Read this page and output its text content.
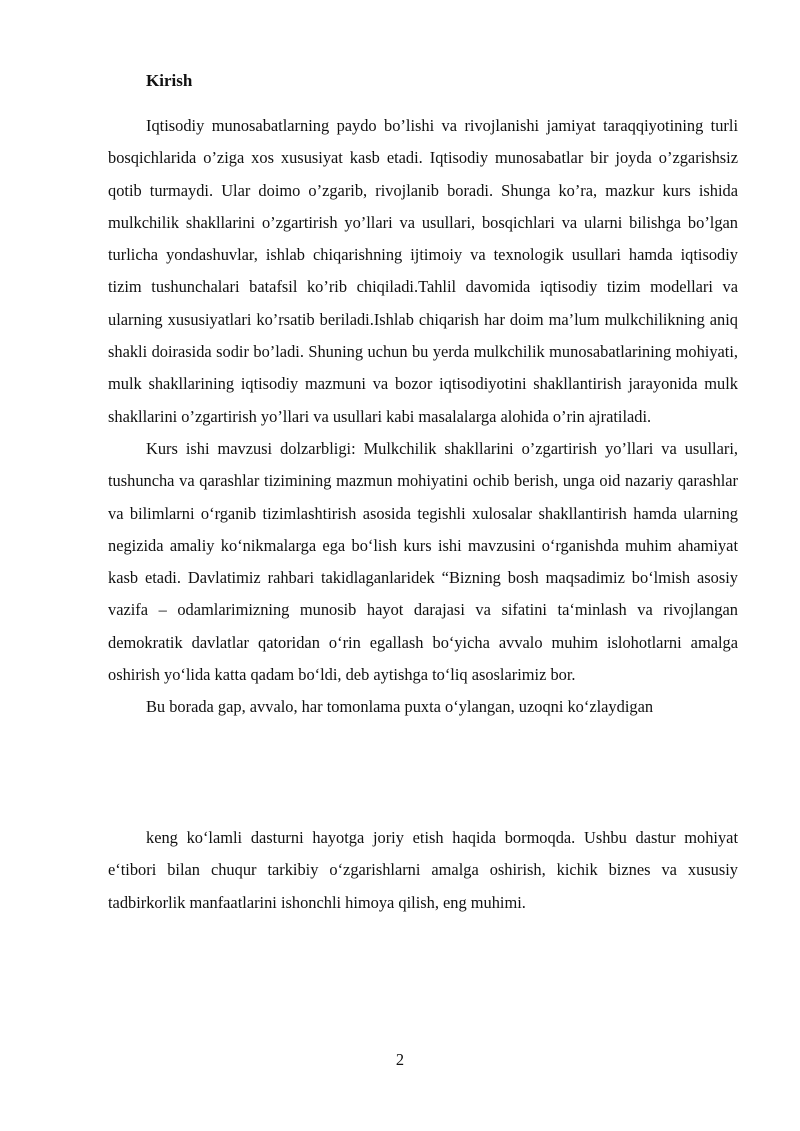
Kirish

Iqtisodiy munosabatlarning paydo bo’lishi va rivojlanishi jamiyat taraqqiyotining turli bosqichlarida o’ziga xos xususiyat kasb etadi. Iqtisodiy munosabatlar bir joyda o’zgarishsiz qotib turmaydi. Ular doimo o’zgarib, rivojlanib boradi. Shunga ko’ra, mazkur kurs ishida mulkchilik shakllarini o’zgartirish yo’llari va usullari, bosqichlari va ularni bilishga bo’lgan turlicha yondashuvlar, ishlab chiqarishning ijtimoiy va texnologik usullari hamda iqtisodiy tizim tushunchalari batafsil ko’rib chiqiladi.Tahlil davomida iqtisodiy tizim modellari va ularning xususiyatlari ko’rsatib beriladi.Ishlab chiqarish har doim ma’lum mulkchilikning aniq shakli doirasida sodir bo’ladi. Shuning uchun bu yerda mulkchilik munosabatlarining mohiyati, mulk shakllarining iqtisodiy mazmuni va bozor iqtisodiyotini shakllantirish jarayonida mulk shakllarini o’zgartirish yo’llari va usullari kabi masalalarga alohida o’rin ajratiladi.

Kurs ishi mavzusi dolzarbligi: Mulkchilik shakllarini o’zgartirish yo’llari va usullari, tushuncha va qarashlar tizimining mazmun mohiyatini ochib berish, unga oid nazariy qarashlar va bilimlarni o‘rganib tizimlashtirish asosida tegishli xulosalar shakllantirish hamda ularning negizida amaliy ko‘nikmalarga ega bo‘lish kurs ishi mavzusini o‘rganishda muhim ahamiyat kasb etadi. Davlatimiz rahbari takidlaganlaridek “Bizning bosh maqsadimiz bo‘lmish asosiy vazifa – odamlarimizning munosib hayot darajasi va sifatini ta‘minlash va rivojlangan demokratik davlatlar qatoridan o‘rin egallash bo‘yicha avvalo muhim islohotlarni amalga oshirish yo‘lida katta qadam bo‘ldi, deb aytishga to‘liq asoslarimiz bor.

Bu borada gap, avvalo, har tomonlama puxta o‘ylangan, uzoqni ko‘zlaydigan

keng ko‘lamli dasturni hayotga joriy etish haqida bormoqda. Ushbu dastur mohiyat e‘tibori bilan chuqur tarkibiy o‘zgarishlarni amalga oshirish, kichik biznes va xususiy tadbirkorlik manfaatlarini ishonchli himoya qilish, eng muhimi.

2
